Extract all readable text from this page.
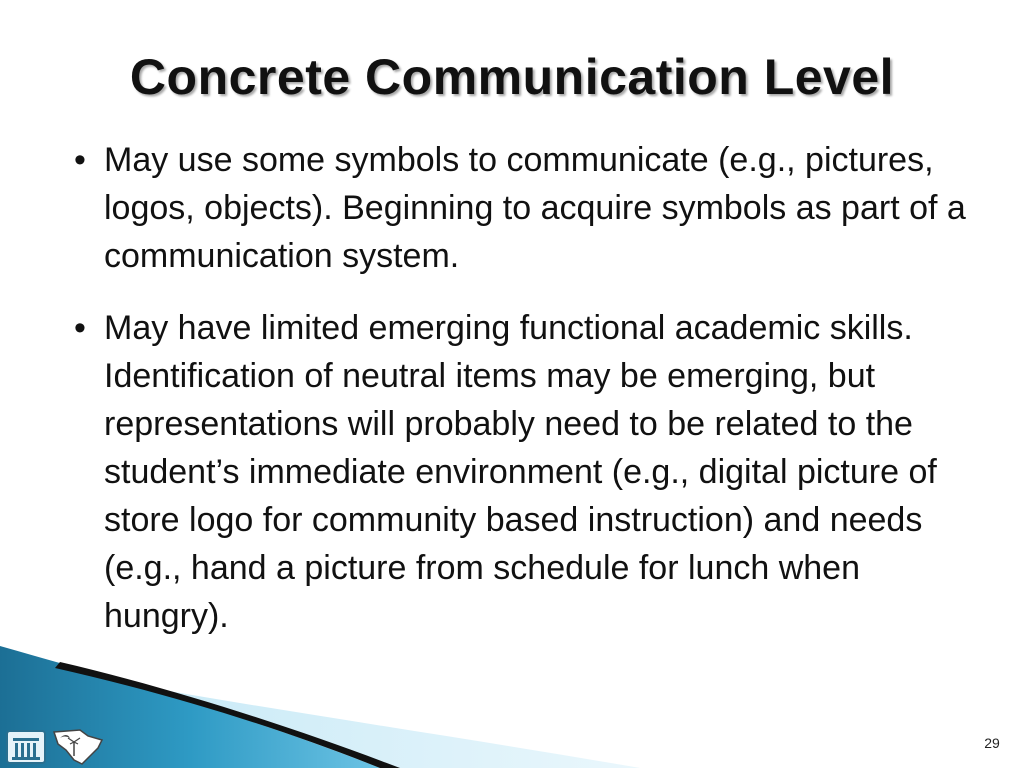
Concrete Communication Level
• May use some symbols to communicate (e.g., pictures, logos, objects). Beginning to acquire symbols as part of a communication system.
• May have limited emerging functional academic skills. Identification of neutral items may be emerging, but representations will probably need to be related to the student’s immediate environment (e.g., digital picture of store logo for community based instruction) and needs (e.g., hand a picture from schedule for lunch when hungry).
29
